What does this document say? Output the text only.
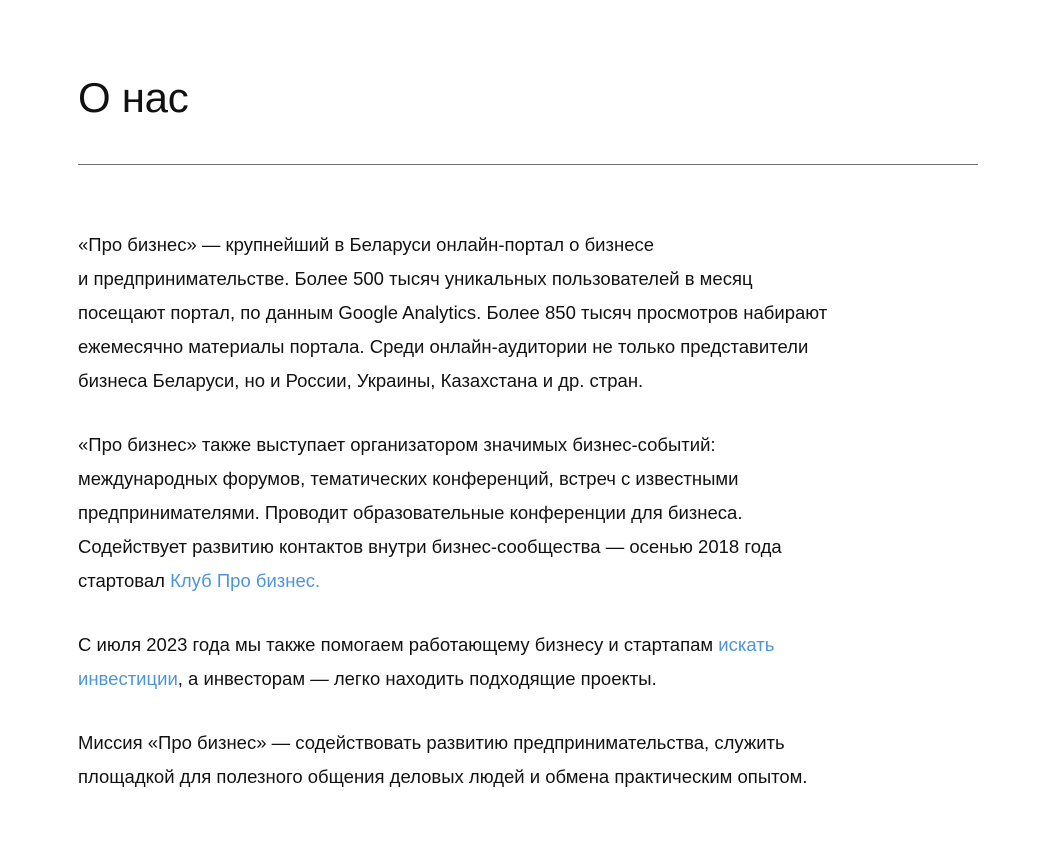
О нас

«Про бизнес» — крупнейший в Беларуси онлайн-портал о бизнесе
и предпринимательстве. Более 500 тысяч уникальных пользователей в месяц
посещают портал, по данным Google Analytics. Более 850 тысяч просмотров набирают
ежемесячно материалы портала. Среди онлайн-аудитории не только представители
бизнеса Беларуси, но и России, Украины, Казахстана и др. стран.

«Про бизнес» также выступает организатором значимых бизнес-событий:
международных форумов, тематических конференций, встреч с известными
предпринимателями. Проводит образовательные конференции для бизнеса.
Содействует развитию контактов внутри бизнес-сообщества — осенью 2018 года
стартовал Клуб Про бизнес.

С июля 2023 года мы также помогаем работающему бизнесу и стартапам искать
инвестиции, а инвесторам — легко находить подходящие проекты.

Миссия «Про бизнес» — содействовать развитию предпринимательства, служить
площадкой для полезного общения деловых людей и обмена практическим опытом.
